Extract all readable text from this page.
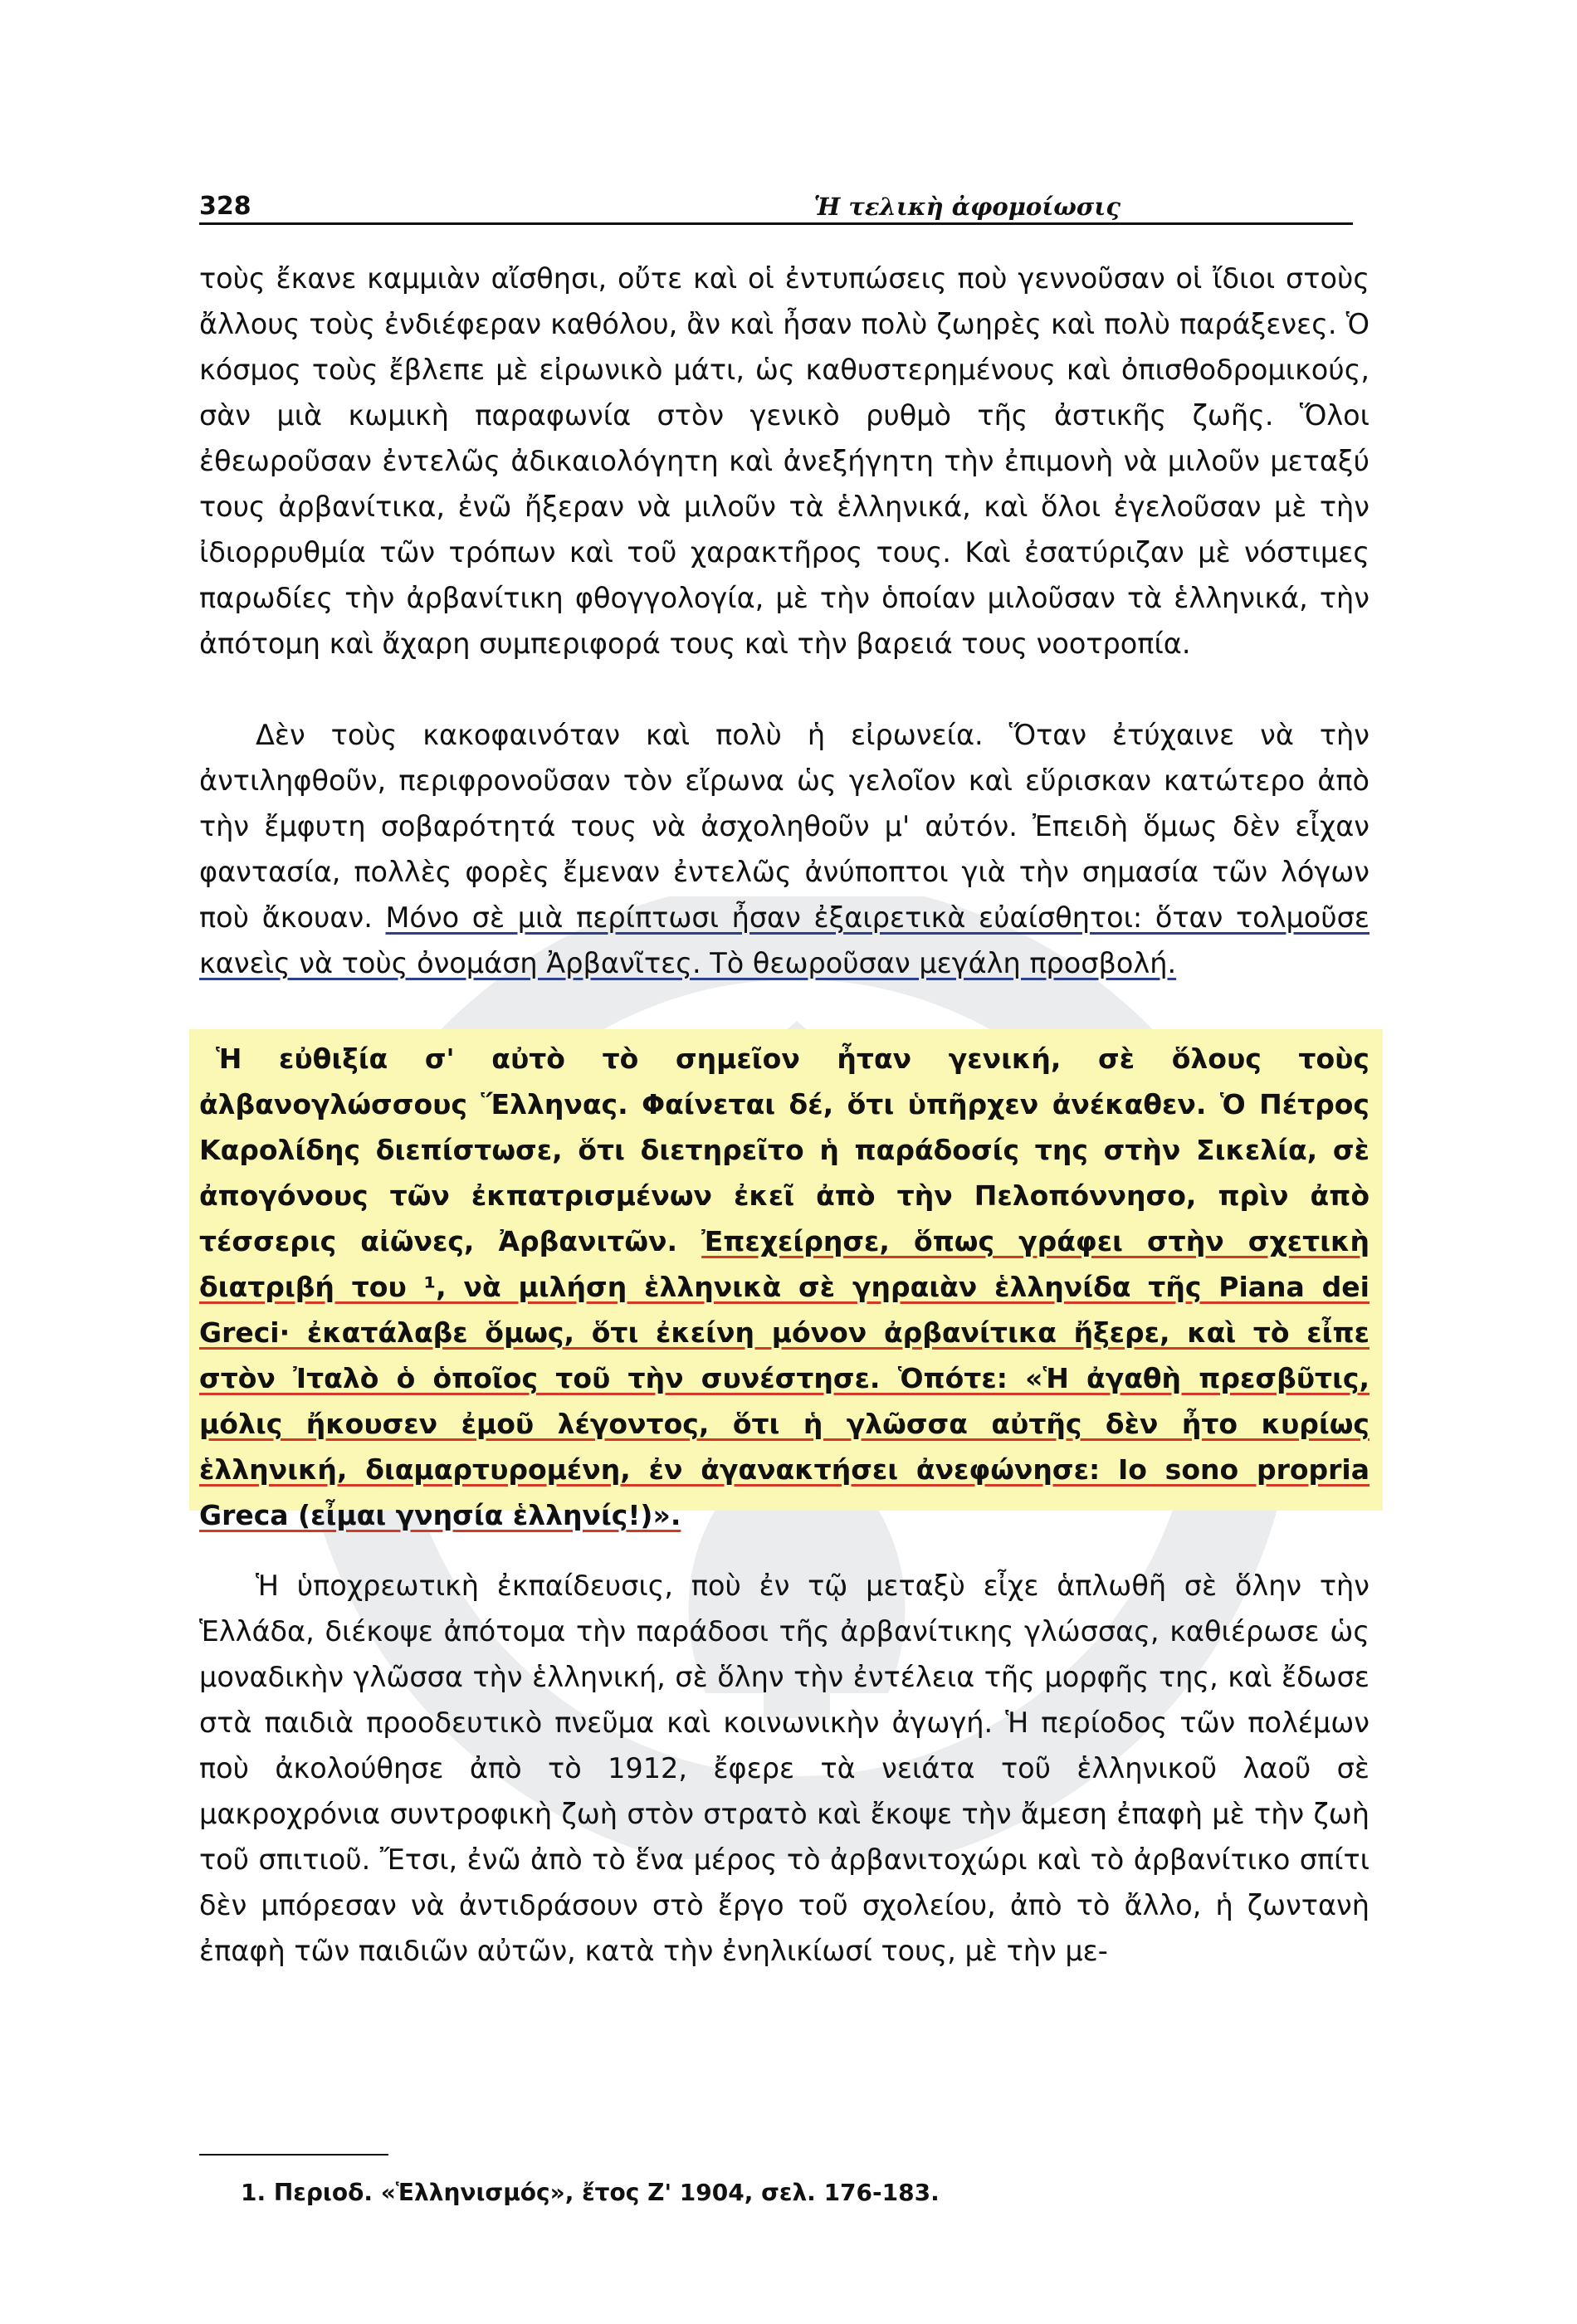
328	Ἡ τελικὴ ἀφομοίωσις
τοὺς ἔκανε καμμιὰν αἴσθησι, οὔτε καὶ οἱ ἐντυπώσεις ποὺ γεννοῦσαν οἱ ἴδιοι στοὺς ἄλλους τοὺς ἐνδιέφεραν καθόλου, ἂν καὶ ἦσαν πολὺ ζωηρὲς καὶ πολὺ παράξενες. Ὁ κόσμος τοὺς ἔβλεπε μὲ εἰρωνικὸ μάτι, ὡς καθυστερημένους καὶ ὀπισθοδρομικούς, σὰν μιὰ κωμικὴ παραφωνία στὸν γενικὸ ρυθμὸ τῆς ἀστικῆς ζωῆς. Ὅλοι ἐθεωροῦσαν ἐντελῶς ἀδικαιολόγητη καὶ ἀνεξήγητη τὴν ἐπιμονὴ νὰ μιλοῦν μεταξύ τους ἀρβανίτικα, ἐνῶ ἤξεραν νὰ μιλοῦν τὰ ἑλληνικά, καὶ ὅλοι ἐγελοῦσαν μὲ τὴν ἰδιορρυθμία τῶν τρόπων καὶ τοῦ χαρακτῆρος τους. Καὶ ἐσατύριζαν μὲ νόστιμες παρωδίες τὴν ἀρβανίτικη φθογγολογία, μὲ τὴν ὁποίαν μιλοῦσαν τὰ ἑλληνικά, τὴν ἀπότομη καὶ ἄχαρη συμπεριφορά τους καὶ τὴν βαρειά τους νοοτροπία.
Δὲν τοὺς κακοφαινόταν καὶ πολὺ ἡ εἰρωνεία. Ὅταν ἐτύχαινε νὰ τὴν ἀντιληφθοῦν, περιφρονοῦσαν τὸν εἴρωνα ὡς γελοῖον καὶ εὕρισκαν κατώτερο ἀπὸ τὴν ἔμφυτη σοβαρότητά τους νὰ ἀσχοληθοῦν μ' αὐτόν. Ἐπειδὴ ὅμως δὲν εἶχαν φαντασία, πολλὲς φορὲς ἔμεναν ἐντελῶς ἀνύποπτοι γιὰ τὴν σημασία τῶν λόγων ποὺ ἄκουαν. Μόνο σὲ μιὰ περίπτωσι ἦσαν ἐξαιρετικὰ εὐαίσθητοι: ὅταν τολμοῦσε κανεὶς νὰ τοὺς ὀνομάση Ἀρβανῖτες. Τὸ θεωροῦσαν μεγάλη προσβολή.
Ἡ εὐθιξία σ' αὐτὸ τὸ σημεῖον ἦταν γενική, σὲ ὅλους τοὺς ἀλβανογλώσσους Ἕλληνας. Φαίνεται δέ, ὅτι ὑπῆρχεν ἀνέκαθεν. Ὁ Πέτρος Καρολίδης διεπίστωσε, ὅτι διετηρεῖτο ἡ παράδοσίς της στὴν Σικελία, σὲ ἀπογόνους τῶν ἐκπατρισμένων ἐκεῖ ἀπὸ τὴν Πελοπόννησο, πρὶν ἀπὸ τέσσερις αἰῶνες, Ἀρβανιτῶν. Ἐπεχείρησε, ὅπως γράφει στὴν σχετικὴ διατριβή του ¹, νὰ μιλήση ἑλληνικὰ σὲ γηραιὰν ἑλληνίδα τῆς Piana dei Greci· ἐκατάλαβε ὅμως, ὅτι ἐκείνη μόνον ἀρβανίτικα ἤξερε, καὶ τὸ εἶπε στὸν Ἰταλὸ ὁ ὁποῖος τοῦ τὴν συνέστησε. Ὁπότε: «Ἡ ἀγαθὴ πρεσβῦτις, μόλις ἤκουσεν ἐμοῦ λέγοντος, ὅτι ἡ γλῶσσα αὐτῆς δὲν ἦτο κυρίως ἑλληνική, διαμαρτυρομένη, ἐν ἀγανακτήσει ἀνεφώνησε: Io sono propria Greca (εἶμαι γνησία ἑλληνίς!)».
Ἡ ὑποχρεωτικὴ ἐκπαίδευσις, ποὺ ἐν τῷ μεταξὺ εἶχε ἁπλωθῆ σὲ ὅλην τὴν Ἑλλάδα, διέκοψε ἀπότομα τὴν παράδοσι τῆς ἀρβανίτικης γλώσσας, καθιέρωσε ὡς μοναδικὴν γλῶσσα τὴν ἑλληνική, σὲ ὅλην τὴν ἐντέλεια τῆς μορφῆς της, καὶ ἔδωσε στὰ παιδιὰ προοδευτικὸ πνεῦμα καὶ κοινωνικὴν ἀγωγή. Ἡ περίοδος τῶν πολέμων ποὺ ἀκολούθησε ἀπὸ τὸ 1912, ἔφερε τὰ νειάτα τοῦ ἑλληνικοῦ λαοῦ σὲ μακροχρόνια συντροφικὴ ζωὴ στὸν στρατὸ καὶ ἔκοψε τὴν ἄμεση ἐπαφὴ μὲ τὴν ζωὴ τοῦ σπιτιοῦ. Ἔτσι, ἐνῶ ἀπὸ τὸ ἕνα μέρος τὸ ἀρβανιτοχώρι καὶ τὸ ἀρβανίτικο σπίτι δὲν μπόρεσαν νὰ ἀντιδράσουν στὸ ἔργο τοῦ σχολείου, ἀπὸ τὸ ἄλλο, ἡ ζωντανὴ ἐπαφὴ τῶν παιδιῶν αὐτῶν, κατὰ τὴν ἐνηλικίωσί τους, μὲ τὴν με-
1. Περιοδ. «Ἑλληνισμός», ἔτος Ζ' 1904, σελ. 176-183.
